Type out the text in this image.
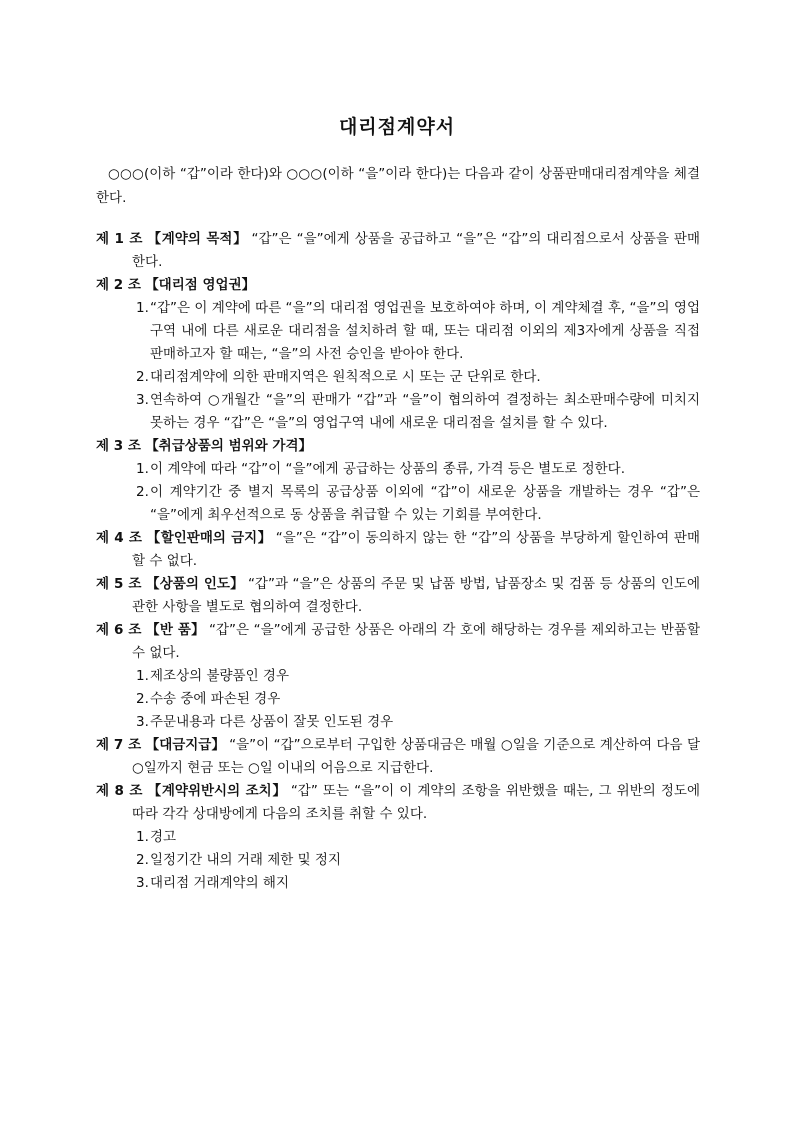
대리점계약서
○○○(이하 “갑”이라 한다)와 ○○○(이하 “을”이라 한다)는 다음과 같이 상품판매대리점계약을 체결한다.
제 1 조 【계약의 목적】 “갑”은 “을”에게 상품을 공급하고 “을”은 “갑”의 대리점으로서 상품을 판매한다.
제 2 조 【대리점 영업권】
1. “갑”은 이 계약에 따른 “을”의 대리점 영업권을 보호하여야 하며, 이 계약체결 후, “을”의 영업구역 내에 다른 새로운 대리점을 설치하려 할 때, 또는 대리점 이외의 제3자에게 상품을 직접 판매하고자 할 때는, “을”의 사전 승인을 받아야 한다.
2. 대리점계약에 의한 판매지역은 원칙적으로 시 또는 군 단위로 한다.
3. 연속하여 ○개월간 “을”의 판매가 “갑”과 “을”이 협의하여 결정하는 최소판매수량에 미치지 못하는 경우 “갑”은 “을”의 영업구역 내에 새로운 대리점을 설치를 할 수 있다.
제 3 조 【취급상품의 범위와 가격】
1. 이 계약에 따라 “갑”이 “을”에게 공급하는 상품의 종류, 가격 등은 별도로 정한다.
2. 이 계약기간 중 별지 목록의 공급상품 이외에 “갑”이 새로운 상품을 개발하는 경우 “갑”은 “을”에게 최우선적으로 동 상품을 취급할 수 있는 기회를 부여한다.
제 4 조 【할인판매의 금지】 “을”은 “갑”이 동의하지 않는 한 “갑”의 상품을 부당하게 할인하여 판매할 수 없다.
제 5 조 【상품의 인도】 “갑”과 “을”은 상품의 주문 및 납품 방법, 납품장소 및 검품 등 상품의 인도에 관한 사항을 별도로 협의하여 결정한다.
제 6 조 【반 품】 “갑”은 “을”에게 공급한 상품은 아래의 각 호에 해당하는 경우를 제외하고는 반품할 수 없다.
1. 제조상의 불량품인 경우
2. 수송 중에 파손된 경우
3. 주문내용과 다른 상품이 잘못 인도된 경우
제 7 조 【대금지급】 “을”이 “갑”으로부터 구입한 상품대금은 매월 ○일을 기준으로 계산하여 다음 달 ○일까지 현금 또는 ○일 이내의 어음으로 지급한다.
제 8 조 【계약위반시의 조치】 “갑” 또는 “을”이 이 계약의 조항을 위반했을 때는, 그 위반의 정도에 따라 각각 상대방에게 다음의 조치를 취할 수 있다.
1. 경고
2. 일정기간 내의 거래 제한 및 정지
3. 대리점 거래계약의 해지
